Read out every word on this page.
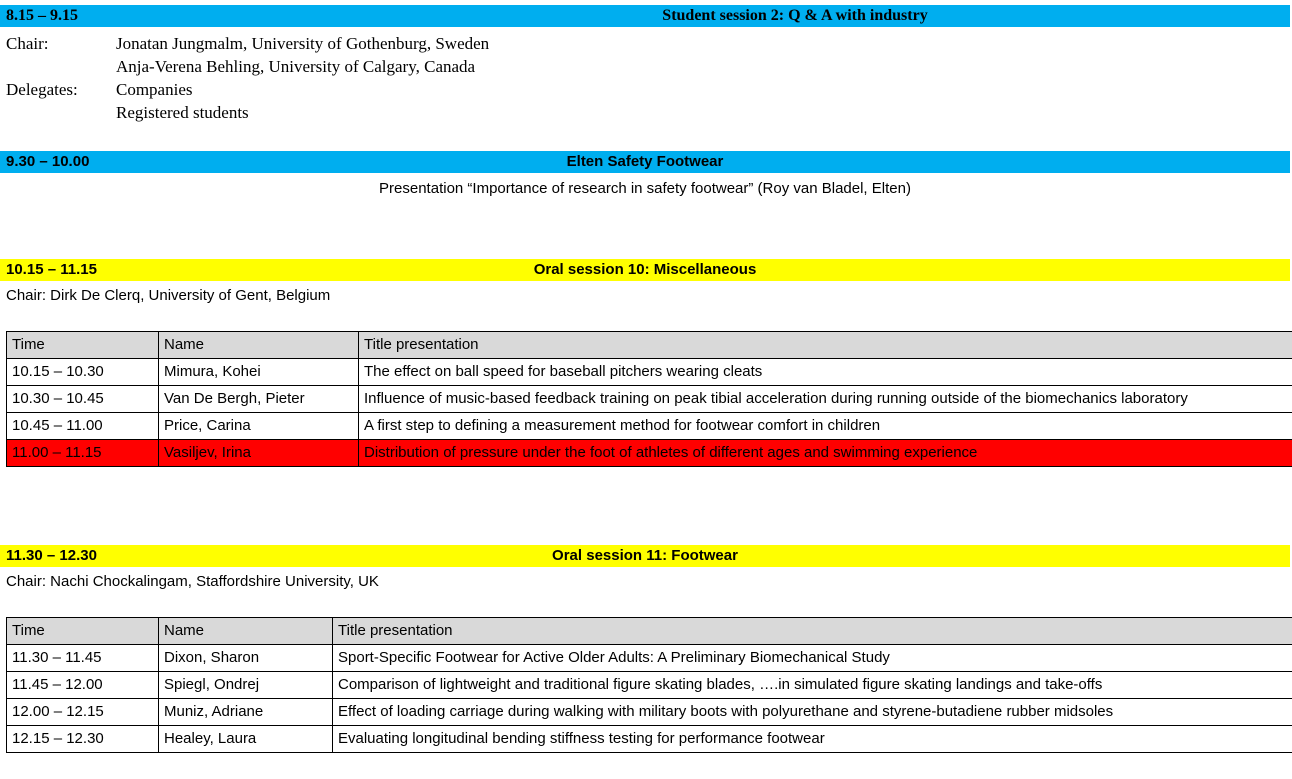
8.15 – 9.15	Student session 2: Q & A with industry
Chair:	Jonatan Jungmalm, University of Gothenburg, Sweden
Anja-Verena Behling, University of Calgary, Canada
Delegates: Companies
Registered students
9.30 – 10.00	Elten Safety Footwear
Presentation “Importance of research in safety footwear” (Roy van Bladel, Elten)
10.15 – 11.15	Oral session 10: Miscellaneous
Chair: Dirk De Clerq, University of Gent, Belgium
Time	Name	Title presentation
10.15 – 10.30	Mimura, Kohei	The effect on ball speed for baseball pitchers wearing cleats
10.30 – 10.45	Van De Bergh, Pieter	Influence of music-based feedback training on peak tibial acceleration during running outside of the biomechanics laboratory
10.45 – 11.00	Price, Carina	A first step to defining a measurement method for footwear comfort in children
11.00 – 11.15	Vasiljev, Irina	Distribution of pressure under the foot of athletes of different ages and swimming experience
11.30 – 12.30	Oral session 11: Footwear
Chair: Nachi Chockalingam, Staffordshire University, UK
Time	Name	Title presentation
11.30 – 11.45	Dixon, Sharon	Sport-Specific Footwear for Active Older Adults: A Preliminary Biomechanical Study
11.45 – 12.00	Spiegl, Ondrej	Comparison of lightweight and traditional figure skating blades, ….in simulated figure skating landings and take-offs
12.00 – 12.15	Muniz, Adriane	Effect of loading carriage during walking with military boots with polyurethane and styrene-butadiene rubber midsoles
12.15 – 12.30	Healey, Laura	Evaluating longitudinal bending stiffness testing for performance footwear
